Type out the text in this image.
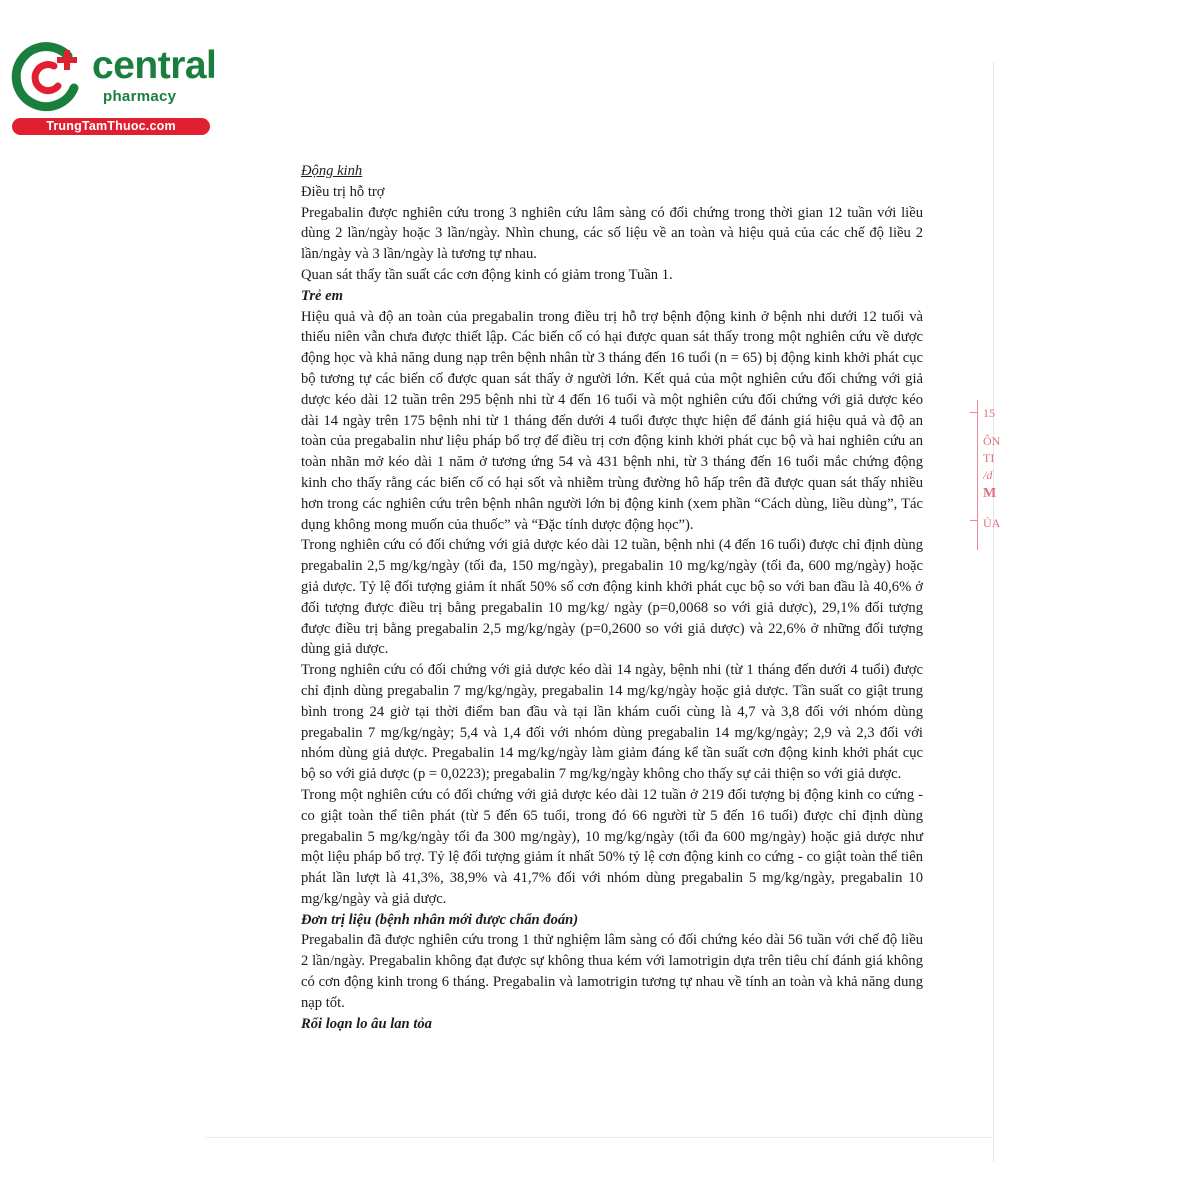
central
pharmacy
TrungTamThuoc.com
15
ÔN
TI
/d
M
ỦA

Động kinh

Điều trị hỗ trợ

Pregabalin được nghiên cứu trong 3 nghiên cứu lâm sàng có đối chứng trong thời gian 12 tuần với liều dùng 2 lần/ngày hoặc 3 lần/ngày. Nhìn chung, các số liệu về an toàn và hiệu quả của các chế độ liều 2 lần/ngày và 3 lần/ngày là tương tự nhau.

Quan sát thấy tần suất các cơn động kinh có giảm trong Tuần 1.

Trẻ em

Hiệu quả và độ an toàn của pregabalin trong điều trị hỗ trợ bệnh động kinh ở bệnh nhi dưới 12 tuổi và thiếu niên vẫn chưa được thiết lập. Các biến cố có hại được quan sát thấy trong một nghiên cứu về dược động học và khả năng dung nạp trên bệnh nhân từ 3 tháng đến 16 tuổi (n = 65) bị động kinh khởi phát cục bộ tương tự các biến cố được quan sát thấy ở người lớn. Kết quả của một nghiên cứu đối chứng với giả dược kéo dài 12 tuần trên 295 bệnh nhi từ 4 đến 16 tuổi và một nghiên cứu đối chứng với giả dược kéo dài 14 ngày trên 175 bệnh nhi từ 1 tháng đến dưới 4 tuổi được thực hiện để đánh giá hiệu quả và độ an toàn của pregabalin như liệu pháp bổ trợ để điều trị cơn động kinh khởi phát cục bộ và hai nghiên cứu an toàn nhãn mở kéo dài 1 năm ở tương ứng 54 và 431 bệnh nhi, từ 3 tháng đến 16 tuổi mắc chứng động kinh cho thấy rằng các biến cố có hại sốt và nhiễm trùng đường hô hấp trên đã được quan sát thấy nhiều hơn trong các nghiên cứu trên bệnh nhân người lớn bị động kinh (xem phần “Cách dùng, liều dùng”, Tác dụng không mong muốn của thuốc” và “Đặc tính dược động học”).

Trong nghiên cứu có đối chứng với giả dược kéo dài 12 tuần, bệnh nhi (4 đến 16 tuổi) được chỉ định dùng pregabalin 2,5 mg/kg/ngày (tối đa, 150 mg/ngày), pregabalin 10 mg/kg/ngày (tối đa, 600 mg/ngày) hoặc giả dược. Tỷ lệ đối tượng giảm ít nhất 50% số cơn động kinh khởi phát cục bộ so với ban đầu là 40,6% ở đối tượng được điều trị bằng pregabalin 10 mg/kg/ ngày (p=0,0068 so với giả dược), 29,1% đối tượng được điều trị bằng pregabalin 2,5 mg/kg/ngày (p=0,2600 so với giả dược) và 22,6% ở những đối tượng dùng giả dược.

Trong nghiên cứu có đối chứng với giả dược kéo dài 14 ngày, bệnh nhi (từ 1 tháng đến dưới 4 tuổi) được chỉ định dùng pregabalin 7 mg/kg/ngày, pregabalin 14 mg/kg/ngày hoặc giả dược. Tần suất co giật trung bình trong 24 giờ tại thời điểm ban đầu và tại lần khám cuối cùng là 4,7 và 3,8 đối với nhóm dùng pregabalin 7 mg/kg/ngày; 5,4 và 1,4 đối với nhóm dùng pregabalin 14 mg/kg/ngày; 2,9 và 2,3 đối với nhóm dùng giả dược. Pregabalin 14 mg/kg/ngày làm giảm đáng kể tần suất cơn động kinh khởi phát cục bộ so với giả dược (p = 0,0223); pregabalin 7 mg/kg/ngày không cho thấy sự cải thiện so với giả dược.

Trong một nghiên cứu có đối chứng với giả dược kéo dài 12 tuần ở 219 đối tượng bị động kinh co cứng - co giật toàn thể tiên phát (từ 5 đến 65 tuổi, trong đó 66 người từ 5 đến 16 tuổi) được chỉ định dùng pregabalin 5 mg/kg/ngày tối đa 300 mg/ngày), 10 mg/kg/ngày (tối đa 600 mg/ngày) hoặc giả dược như một liệu pháp bổ trợ. Tỷ lệ đối tượng giảm ít nhất 50% tỷ lệ cơn động kinh co cứng - co giật toàn thể tiên phát lần lượt là 41,3%, 38,9% và 41,7% đối với nhóm dùng pregabalin 5 mg/kg/ngày, pregabalin 10 mg/kg/ngày và giả dược.

Đơn trị liệu (bệnh nhân mới được chẩn đoán)

Pregabalin đã được nghiên cứu trong 1 thử nghiệm lâm sàng có đối chứng kéo dài 56 tuần với chế độ liều 2 lần/ngày. Pregabalin không đạt được sự không thua kém với lamotrigin dựa trên tiêu chí đánh giá không có cơn động kinh trong 6 tháng. Pregabalin và lamotrigin tương tự nhau về tính an toàn và khả năng dung nạp tốt.

Rối loạn lo âu lan tỏa
